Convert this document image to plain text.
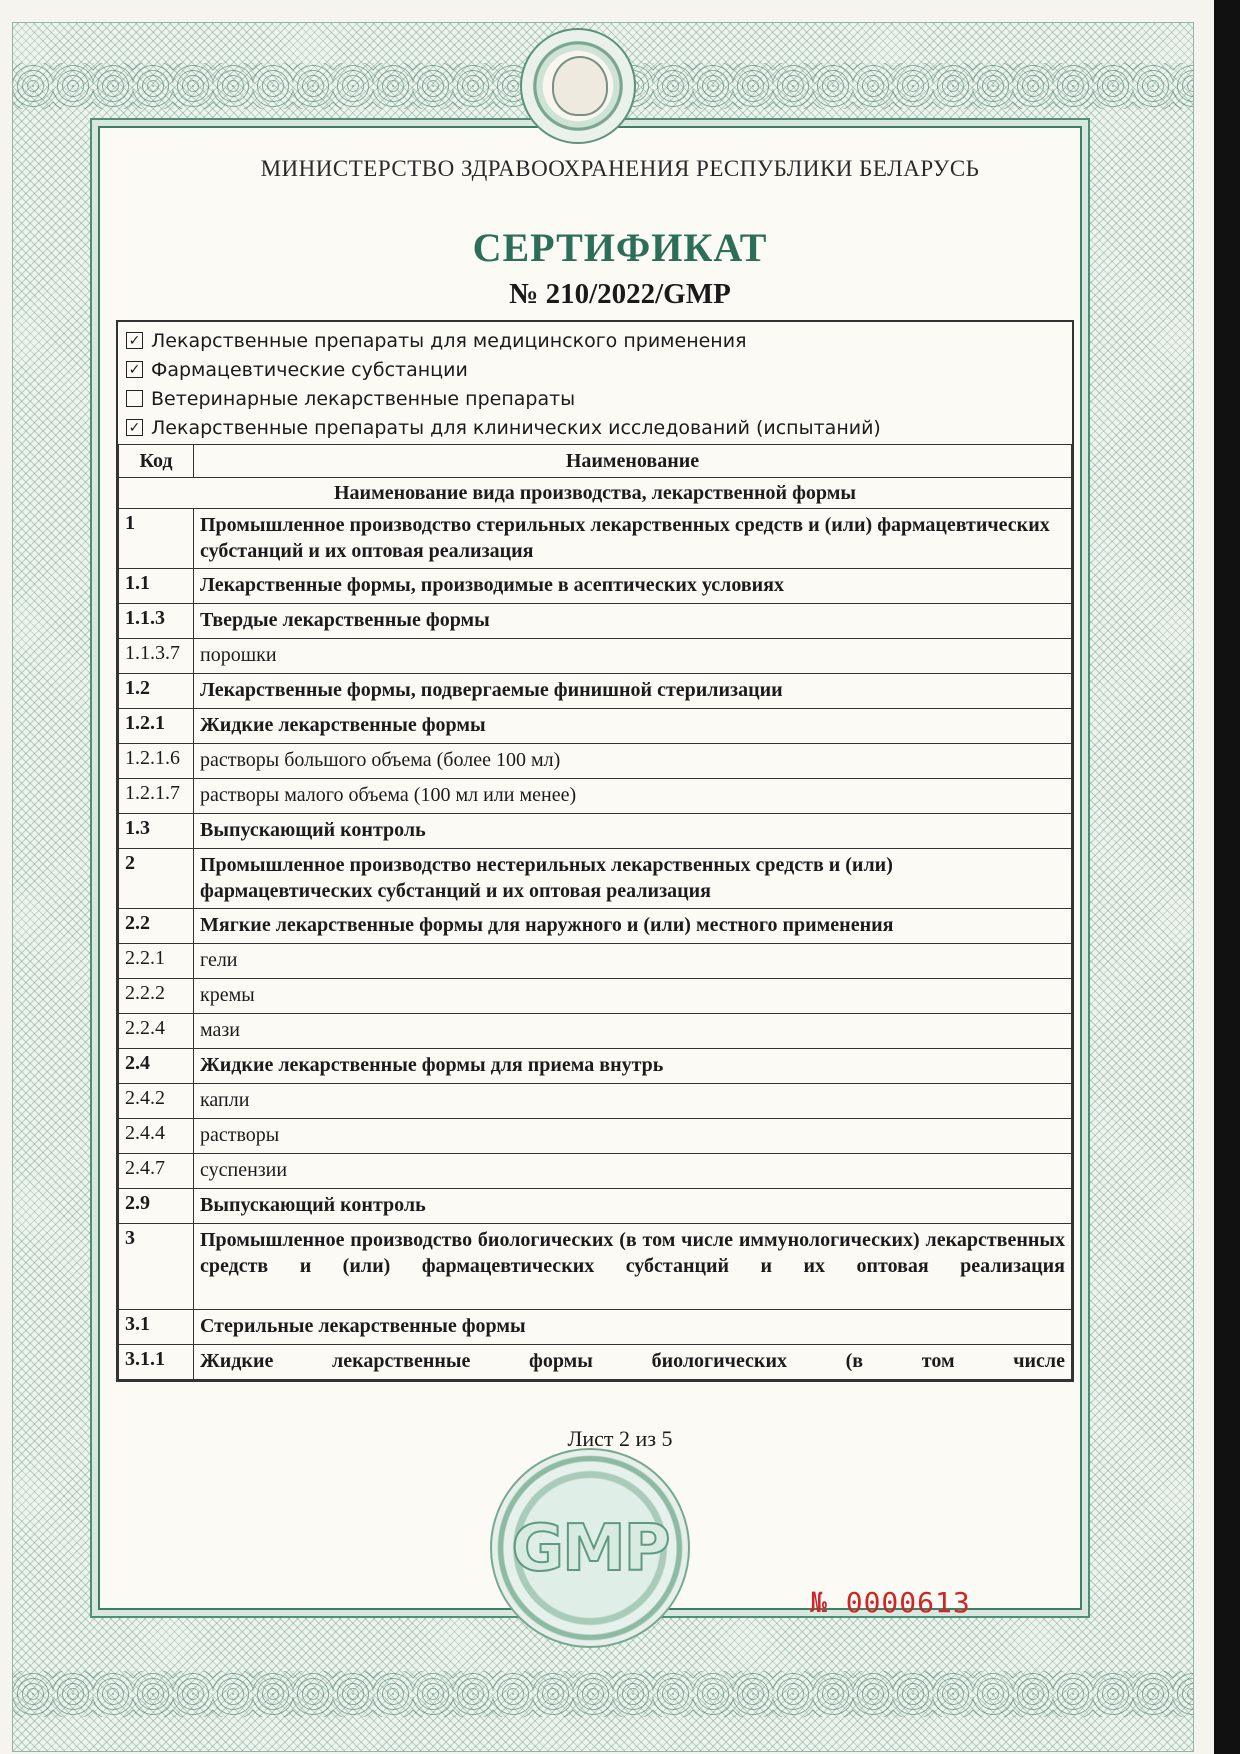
МИНИСТЕРСТВО ЗДРАВООХРАНЕНИЯ РЕСПУБЛИКИ БЕЛАРУСЬ
СЕРТИФИКАТ
№ 210/2022/GMP
✓ Лекарственные препараты для медицинского применения
✓ Фармацевтические субстанции
Ветеринарные лекарственные препараты
✓ Лекарственные препараты для клинических исследований (испытаний)
Код	Наименование
Наименование вида производства, лекарственной формы	
1	Промышленное производство стерильных лекарственных средств и (или) фармацевтических субстанций и их оптовая реализация
1.1	Лекарственные формы, производимые в асептических условиях
1.1.3	Твердые лекарственные формы
1.1.3.7	порошки
1.2	Лекарственные формы, подвергаемые финишной стерилизации
1.2.1	Жидкие лекарственные формы
1.2.1.6	растворы большого объема (более 100 мл)
1.2.1.7	растворы малого объема (100 мл или менее)
1.3	Выпускающий контроль
2	Промышленное производство нестерильных лекарственных средств и (или) фармацевтических субстанций и их оптовая реализация
2.2	Мягкие лекарственные формы для наружного и (или) местного применения
2.2.1	гели
2.2.2	кремы
2.2.4	мази
2.4	Жидкие лекарственные формы для приема внутрь
2.4.2	капли
2.4.4	растворы
2.4.7	суспензии
2.9	Выпускающий контроль
3	Промышленное производство биологических (в том числе иммунологических) лекарственных средств и (или) фармацевтических субстанций и их оптовая реализация
3.1	Стерильные лекарственные формы
3.1.1	Жидкие лекарственные формы биологических (в том числе
Лист 2 из 5
GMP
№ 0000613
